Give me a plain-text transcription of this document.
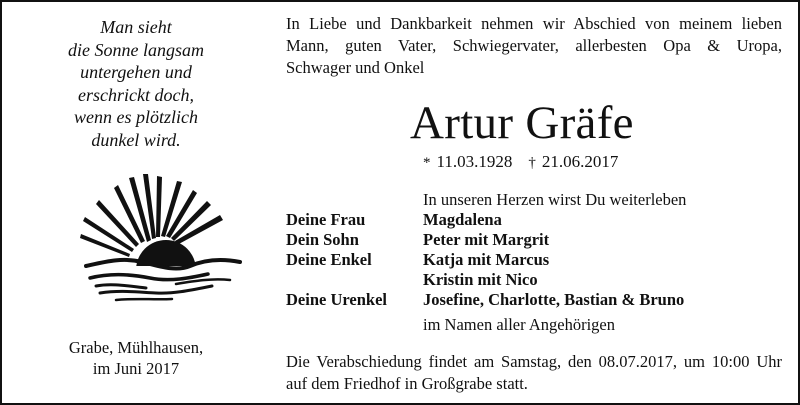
Man sieht
die Sonne langsam
untergehen und
erschrickt doch,
wenn es plötzlich
dunkel wird.
Grabe, Mühlhausen,
im Juni 2017
In Liebe und Dankbarkeit nehmen wir Abschied von meinem lieben
Mann, guten Vater, Schwiegervater, allerbesten Opa & Uropa,
Schwager und Onkel
Artur Gräfe
* 11.03.1928 † 21.06.2017
In unseren Herzen wirst Du weiterleben
Deine Frau	Magdalena
Dein Sohn	Peter mit Margrit
Deine Enkel	Katja mit Marcus
Kristin mit Nico
Deine Urenkel Josefine, Charlotte, Bastian & Bruno
im Namen aller Angehörigen
Die Verabschiedung findet am Samstag, den 08.07.2017, um 10:00 Uhr
auf dem Friedhof in Großgrabe statt.
